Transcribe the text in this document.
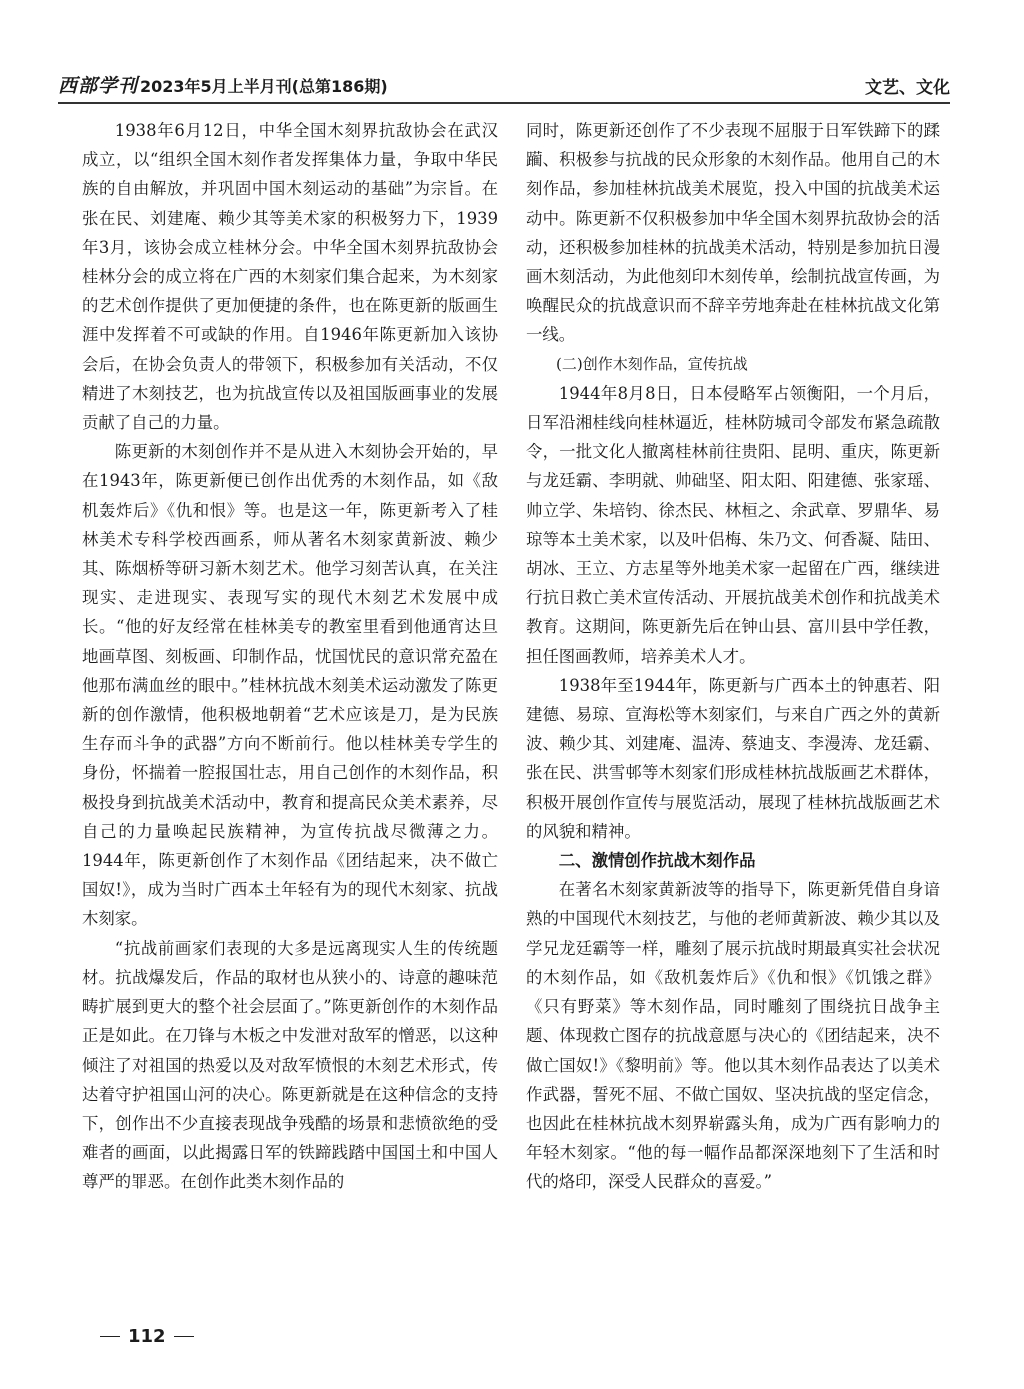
西部学刊 2023年5月上半月刊(总第186期)	文艺、文化

1938年6月12日，中华全国木刻界抗敌协会在武汉成立，以“组织全国木刻作者发挥集体力量，争取中华民族的自由解放，并巩固中国木刻运动的基础”为宗旨。在张在民、刘建庵、赖少其等美术家的积极努力下，1939年3月，该协会成立桂林分会。中华全国木刻界抗敌协会桂林分会的成立将在广西的木刻家们集合起来，为木刻家的艺术创作提供了更加便捷的条件，也在陈更新的版画生涯中发挥着不可或缺的作用。自1946年陈更新加入该协会后，在协会负责人的带领下，积极参加有关活动，不仅精进了木刻技艺，也为抗战宣传以及祖国版画事业的发展贡献了自己的力量。

陈更新的木刻创作并不是从进入木刻协会开始的，早在1943年，陈更新便已创作出优秀的木刻作品，如《敌机轰炸后》《仇和恨》等。也是这一年，陈更新考入了桂林美术专科学校西画系，师从著名木刻家黄新波、赖少其、陈烟桥等研习新木刻艺术。他学习刻苦认真，在关注现实、走进现实、表现写实的现代木刻艺术发展中成长。“他的好友经常在桂林美专的教室里看到他通宵达旦地画草图、刻板画、印制作品，忧国忧民的意识常充盈在他那布满血丝的眼中。”桂林抗战木刻美术运动激发了陈更新的创作激情，他积极地朝着“艺术应该是刀，是为民族生存而斗争的武器”方向不断前行。他以桂林美专学生的身份，怀揣着一腔报国壮志，用自己创作的木刻作品，积极投身到抗战美术活动中，教育和提高民众美术素养，尽自己的力量唤起民族精神，为宣传抗战尽微薄之力。1944年，陈更新创作了木刻作品《团结起来，决不做亡国奴!》，成为当时广西本土年轻有为的现代木刻家、抗战木刻家。

“抗战前画家们表现的大多是远离现实人生的传统题材。抗战爆发后，作品的取材也从狭小的、诗意的趣味范畴扩展到更大的整个社会层面了。”陈更新创作的木刻作品正是如此。在刀锋与木板之中发泄对敌军的憎恶，以这种倾注了对祖国的热爱以及对敌军愤恨的木刻艺术形式，传达着守护祖国山河的决心。陈更新就是在这种信念的支持下，创作出不少直接表现战争残酷的场景和悲愤欲绝的受难者的画面，以此揭露日军的铁蹄践踏中国国土和中国人尊严的罪恶。在创作此类木刻作品的

同时，陈更新还创作了不少表现不屈服于日军铁蹄下的蹂躏、积极参与抗战的民众形象的木刻作品。他用自己的木刻作品，参加桂林抗战美术展览，投入中国的抗战美术运动中。陈更新不仅积极参加中华全国木刻界抗敌协会的活动，还积极参加桂林的抗战美术活动，特别是参加抗日漫画木刻活动，为此他刻印木刻传单，绘制抗战宣传画，为唤醒民众的抗战意识而不辞辛劳地奔赴在桂林抗战文化第一线。

(二)创作木刻作品，宣传抗战

1944年8月8日，日本侵略军占领衡阳，一个月后，日军沿湘桂线向桂林逼近，桂林防城司令部发布紧急疏散令，一批文化人撤离桂林前往贵阳、昆明、重庆，陈更新与龙廷霸、李明就、帅础坚、阳太阳、阳建德、张家瑶、帅立学、朱培钧、徐杰民、林桓之、余武章、罗鼎华、易琼等本土美术家，以及叶侣梅、朱乃文、何香凝、陆田、胡冰、王立、方志星等外地美术家一起留在广西，继续进行抗日救亡美术宣传活动、开展抗战美术创作和抗战美术教育。这期间，陈更新先后在钟山县、富川县中学任教，担任图画教师，培养美术人才。

1938年至1944年，陈更新与广西本土的钟惠若、阳建德、易琼、宣海松等木刻家们，与来自广西之外的黄新波、赖少其、刘建庵、温涛、蔡迪支、李漫涛、龙廷霸、张在民、洪雪邨等木刻家们形成桂林抗战版画艺术群体，积极开展创作宣传与展览活动，展现了桂林抗战版画艺术的风貌和精神。

二、激情创作抗战木刻作品

在著名木刻家黄新波等的指导下，陈更新凭借自身谙熟的中国现代木刻技艺，与他的老师黄新波、赖少其以及学兄龙廷霸等一样，雕刻了展示抗战时期最真实社会状况的木刻作品，如《敌机轰炸后》《仇和恨》《饥饿之群》《只有野菜》等木刻作品，同时雕刻了围绕抗日战争主题、体现救亡图存的抗战意愿与决心的《团结起来，决不做亡国奴!》《黎明前》等。他以其木刻作品表达了以美术作武器，誓死不屈、不做亡国奴、坚决抗战的坚定信念，也因此在桂林抗战木刻界崭露头角，成为广西有影响力的年轻木刻家。“他的每一幅作品都深深地刻下了生活和时代的烙印，深受人民群众的喜爱。”

112
